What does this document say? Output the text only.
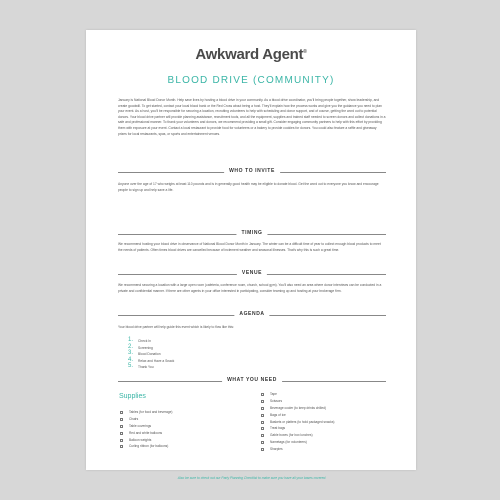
Awkward Agent®
BLOOD DRIVE (COMMUNITY)

January is National Blood Donor Month. Help save lives by hosting a blood drive in your community. As a blood drive coordinator, you'll bring people together, show leadership, and create goodwill. To get started, contact your local blood bank or the Red Cross about being a host. They'll explain how the process works and give you the guidance you need to plan your event. As a host, you'll be responsible for securing a location, recruiting volunteers to help with scheduling and donor support, and of course, getting the word out to potential donors. Your blood drive partner will provide planning assistance, recruitment tools, and all the equipment, supplies and trained staff needed to screen donors and collect donations in a safe and professional manner. To thank your volunteers and donors, we recommend providing a small gift. Consider engaging community partners to help with this effort by providing them with exposure at your event. Contact a local restaurant to provide food for volunteers or a bakery to provide cookies for donors. You could also feature a raffle and giveaway prizes for local restaurants, spas, or sports and entertainment venues.

WHO TO INVITE

Anyone over the age of 17 who weighs at least 110 pounds and is in generally good health may be eligible to donate blood. Get the word out to everyone you know and encourage people to sign up and help save a life.

TIMING

We recommend hosting your blood drive in observance of National Blood Donor Month in January. The winter can be a difficult time of year to collect enough blood products to meet the needs of patients. Often times blood drives are cancelled because of inclement weather and seasonal illnesses. That's why this is such a great time.

VENUE

We recommend securing a location with a large open room (cafeteria, conference room, church, school gym). You'll also need an area where donor interviews can be conducted in a private and confidential manner. If there are other agents in your office interested in participating, consider teaming up and hosting at your brokerage firm.

AGENDA

Your blood drive partner will help guide this event which is likely to flow like this:

1. Check In
2. Screening
3. Blood Donation
4. Relax and Have a Snack
5. Thank You
WHAT YOU NEED
Supplies
Tables (for food and beverage)
Chairs
Table coverings
Red and white balloons
Balloon weights
Curling ribbon (for balloons)
Tape
Scissors
Beverage cooler (to keep drinks chilled)
Bags of ice
Baskets or platters (to hold packaged snacks)
Treat bags
Gable boxes (for box lunches)
Nametags (for volunteers)
Sharpies
Also be sure to check out our Party Planning Checklist to make sure you have all your bases covered.
